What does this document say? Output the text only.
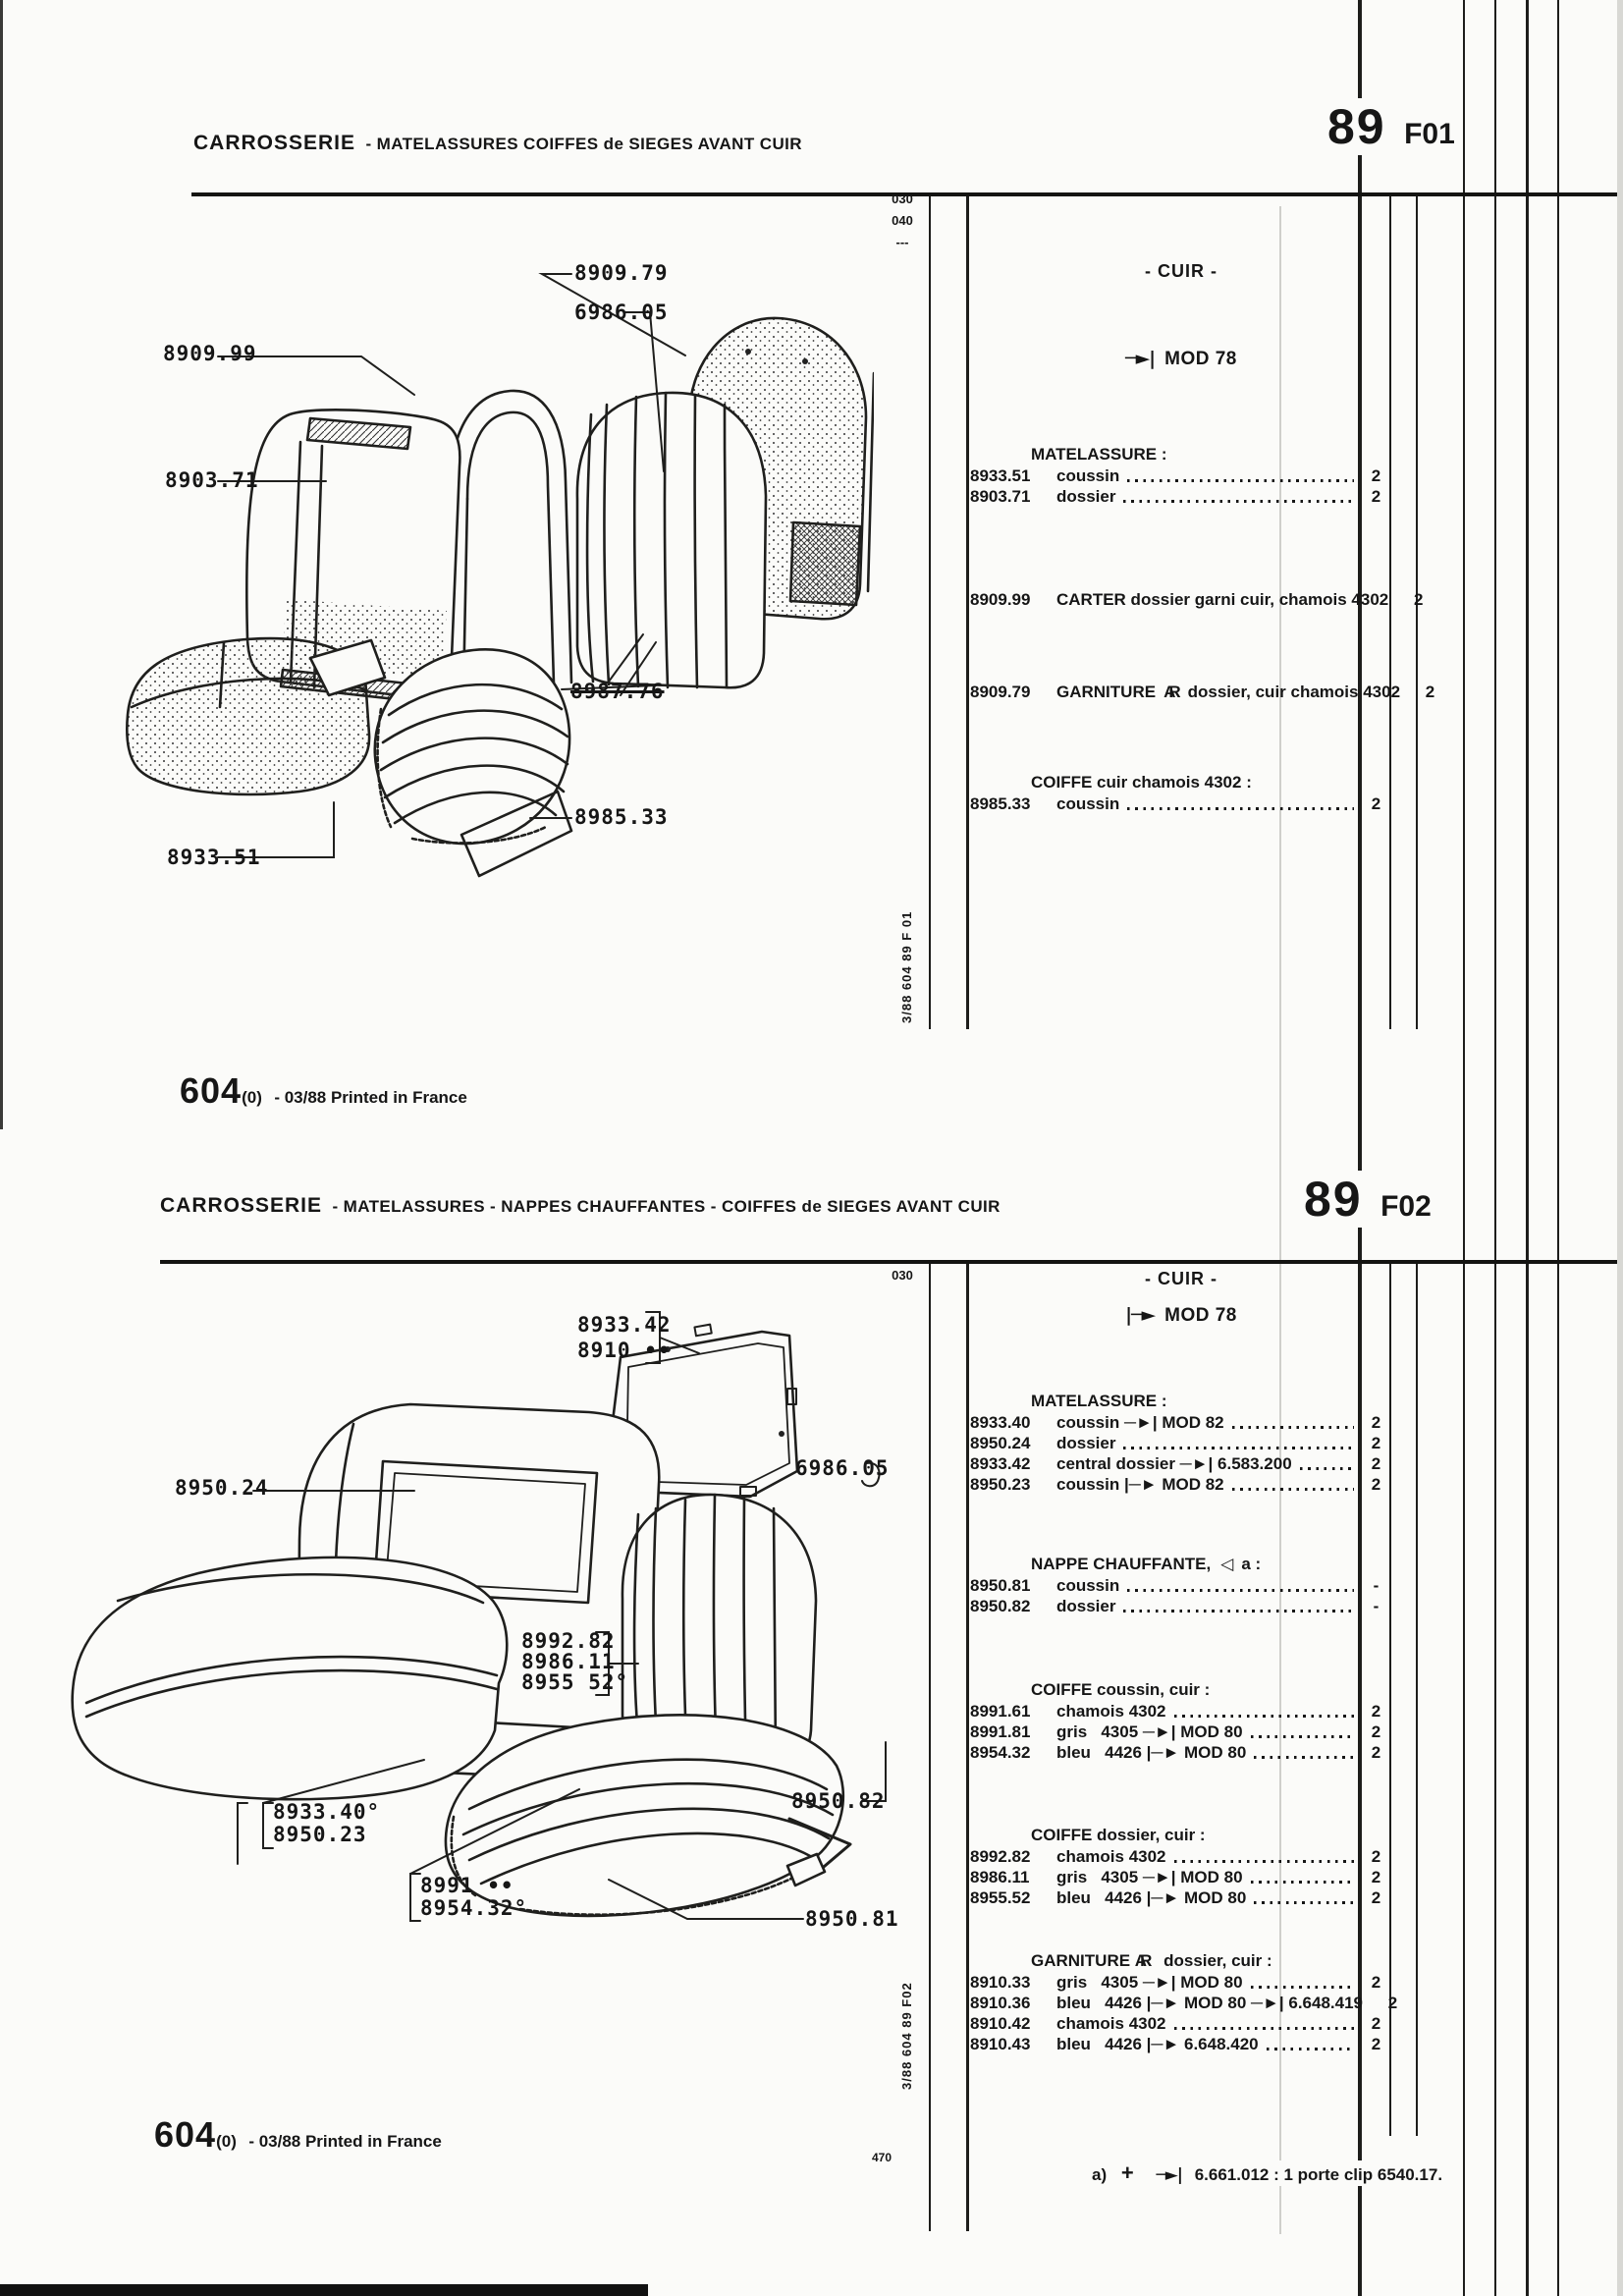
CARROSSERIE - MATELASSURES COIFFES de SIEGES AVANT CUIR	89 F01
030
040
---
3/88 604 89 F 01
8909.79
6986.05
8909.99
8903.71
8987.76
8985.33
8933.51
- CUIR -
─►| MOD 78
MATELASSURE :
8933.51	coussin	2
8903.71	dossier	2
8909.99	CARTER dossier garni cuir, chamois 4302	2
8909.79	GARNITURE AR dossier, cuir chamois 4302	2
COIFFE cuir chamois 4302 :
8985.33	coussin	2
604(0) - 03/88 Printed in France
CARROSSERIE - MATELASSURES - NAPPES CHAUFFANTES - COIFFES de SIEGES AVANT CUIR	89 F02
030
3/88 604 89 F02
470
8933.42
8910 ••
6986.05
8950.24
8992.82
8986.11
8955 52°
8933.40°
8950.23
8991 ••
8954.32°
8950.82
8950.81
- CUIR -
|─► MOD 78
MATELASSURE :
8933.40	coussin ─►| MOD 82	2
8950.24	dossier	2
8933.42	central dossier ─►| 6.583.200	2
8950.23	coussin |─► MOD 82	2
NAPPE CHAUFFANTE, ◁ a :
8950.81	coussin	-
8950.82	dossier	-
COIFFE coussin, cuir :
8991.61	chamois 4302	2
8991.81	gris   4305 ─►| MOD 80	2
8954.32	bleu   4426 |─► MOD 80	2
COIFFE dossier, cuir :
8992.82	chamois 4302	2
8986.11	gris   4305 ─►| MOD 80	2
8955.52	bleu   4426 |─► MOD 80	2
GARNITURE AR dossier, cuir :
8910.33	gris   4305 ─►| MOD 80	2
8910.36	bleu   4426 |─► MOD 80 ─►| 6.648.419	2
8910.42	chamois 4302	2
8910.43	bleu   4426 |─► 6.648.420	2
a) + ─►| 6.661.012 : 1 porte clip 6540.17.
604(0) - 03/88 Printed in France
